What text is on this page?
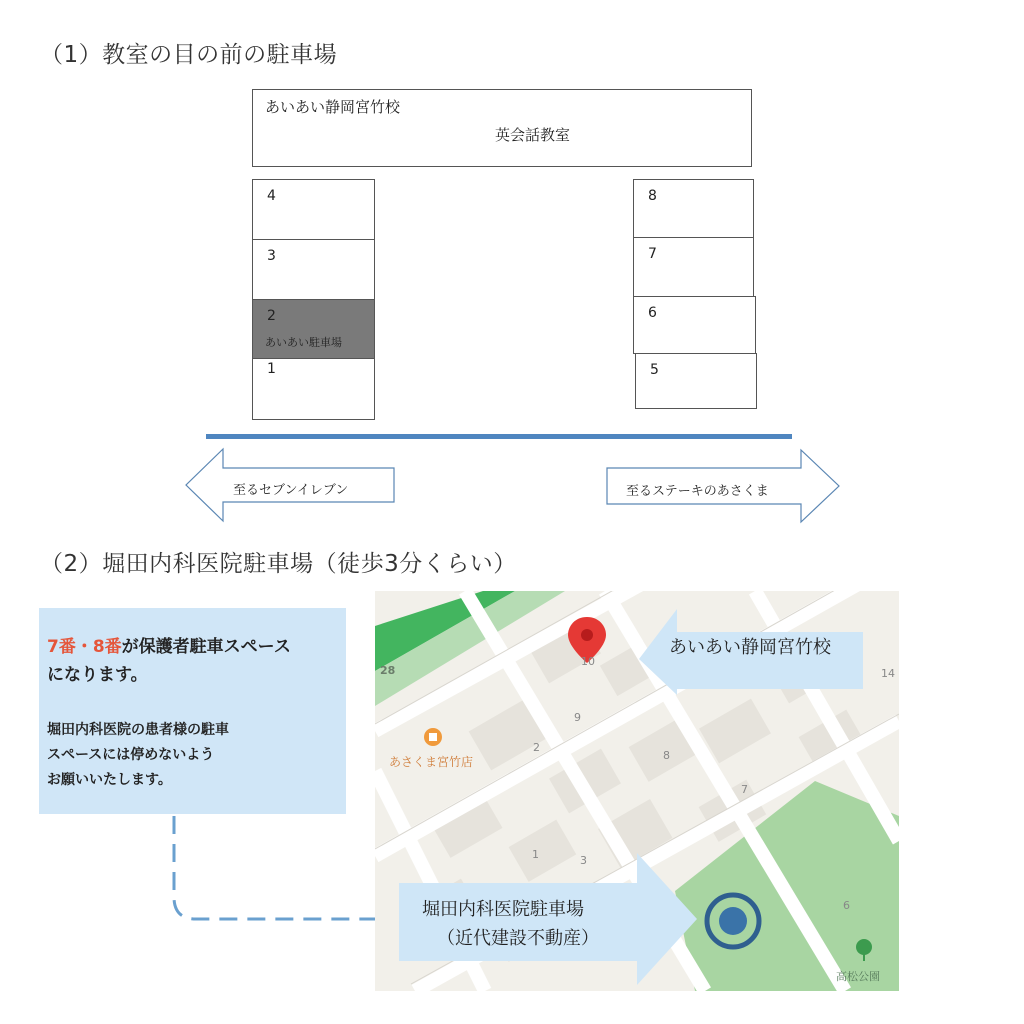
（1）教室の目の前の駐車場
あいあい静岡宮竹校
英会話教室
4
3
2
あいあい駐車場
1
8
7
6
5
至るセブンイレブン	至るステーキのあさくま
（2）堀田内科医院駐車場（徒歩3分くらい）
7番・8番が保護者駐車スペース
になります。
堀田内科医院の患者様の駐車
スペースには停めないよう
お願いいたします。
28
10
9
2
8
7
1	3
6
14
あさくま宮竹店
高松公園
あいあい静岡宮竹校
堀田内科医院駐車場
（近代建設不動産）
